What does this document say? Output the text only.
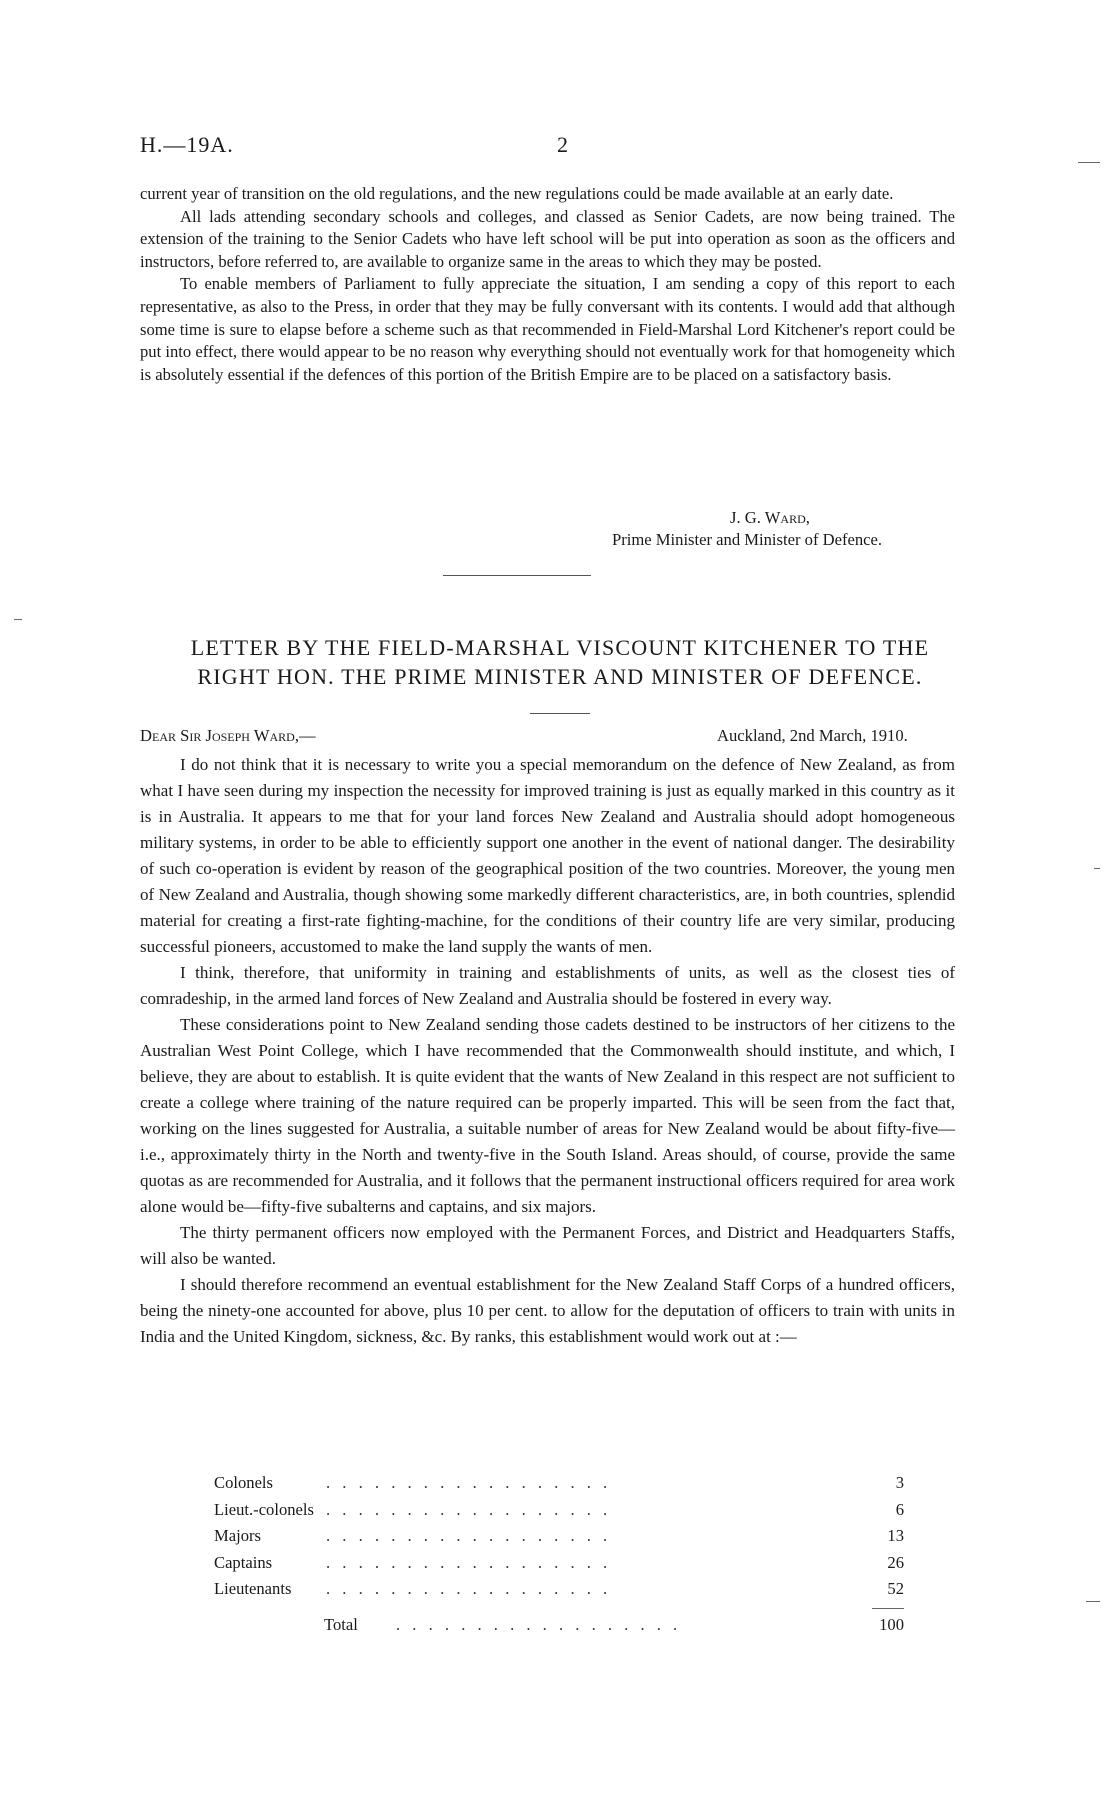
H.—19A.	2

current year of transition on the old regulations, and the new regulations could be made available at an early date.

All lads attending secondary schools and colleges, and classed as Senior Cadets, are now being trained. The extension of the training to the Senior Cadets who have left school will be put into operation as soon as the officers and instructors, before referred to, are available to organize same in the areas to which they may be posted.

To enable members of Parliament to fully appreciate the situation, I am sending a copy of this report to each representative, as also to the Press, in order that they may be fully conversant with its contents. I would add that although some time is sure to elapse before a scheme such as that recommended in Field-Marshal Lord Kitchener's report could be put into effect, there would appear to be no reason why everything should not eventually work for that homogeneity which is absolutely essential if the defences of this portion of the British Empire are to be placed on a satisfactory basis.

J. G. Ward,
Prime Minister and Minister of Defence.
LETTER BY THE FIELD-MARSHAL VISCOUNT KITCHENER TO THE
RIGHT HON. THE PRIME MINISTER AND MINISTER OF DEFENCE.
Dear Sir Joseph Ward,—	Auckland, 2nd March, 1910.

I do not think that it is necessary to write you a special memorandum on the defence of New Zealand, as from what I have seen during my inspection the necessity for improved training is just as equally marked in this country as it is in Australia. It appears to me that for your land forces New Zealand and Australia should adopt homogeneous military systems, in order to be able to efficiently support one another in the event of national danger. The desirability of such co-operation is evident by reason of the geographical position of the two countries. Moreover, the young men of New Zealand and Australia, though showing some markedly different characteristics, are, in both countries, splendid material for creating a first-rate fighting-machine, for the conditions of their country life are very similar, producing successful pioneers, accustomed to make the land supply the wants of men.

I think, therefore, that uniformity in training and establishments of units, as well as the closest ties of comradeship, in the armed land forces of New Zealand and Australia should be fostered in every way.

These considerations point to New Zealand sending those cadets destined to be instructors of her citizens to the Australian West Point College, which I have recommended that the Commonwealth should institute, and which, I believe, they are about to establish. It is quite evident that the wants of New Zealand in this respect are not sufficient to create a college where training of the nature required can be properly imparted. This will be seen from the fact that, working on the lines suggested for Australia, a suitable number of areas for New Zealand would be about fifty-five—i.e., approximately thirty in the North and twenty-five in the South Island. Areas should, of course, provide the same quotas as are recommended for Australia, and it follows that the permanent instructional officers required for area work alone would be—fifty-five subalterns and captains, and six majors.

The thirty permanent officers now employed with the Permanent Forces, and District and Headquarters Staffs, will also be wanted.

I should therefore recommend an eventual establishment for the New Zealand Staff Corps of a hundred officers, being the ninety-one accounted for above, plus 10 per cent. to allow for the deputation of officers to train with units in India and the United Kingdom, sickness, &c. By ranks, this establishment would work out at :—

Colonels	. . . . . . . . . . . . . . . . . .	3
Lieut.-colonels . . . . . . . . . . . . . . . . . .	6
Majors	. . . . . . . . . . . . . . . . . .	13
Captains	. . . . . . . . . . . . . . . . . .	26
Lieutenants . . . . . . . . . . . . . . . . . .	52
Total . . . . . . . . . . . . . . . . . .	100
